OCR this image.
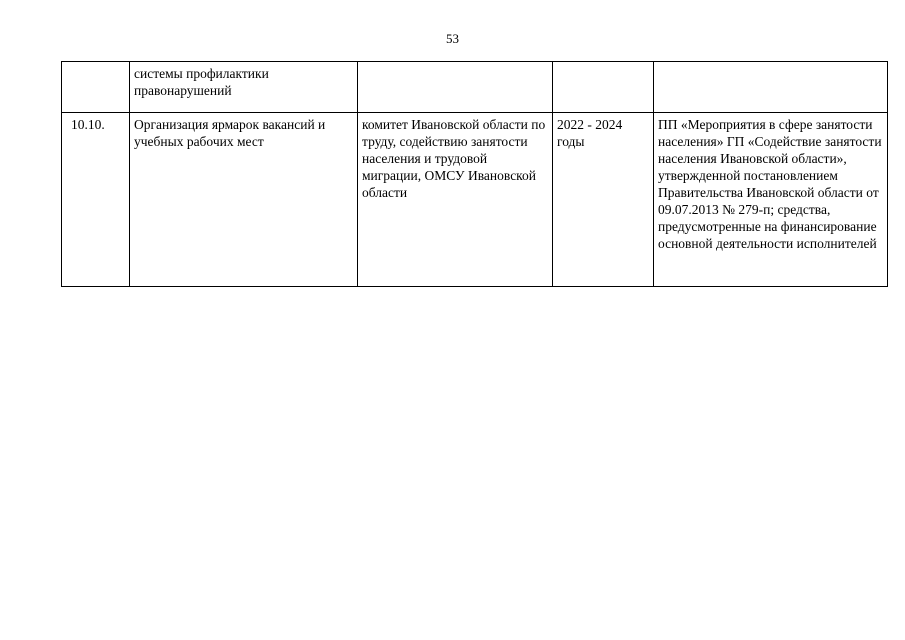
53
	системы профилактики правонарушений			

10.10.	Организация ярмарок вакансий и учебных рабочих мест	комитет Ивановской области по труду, содействию занятости населения и трудовой миграции, ОМСУ Ивановской области	2022 - 2024 годы	ПП «Мероприятия в сфере занятости населения» ГП «Содействие занятости населения Ивановской области», утвержденной постановлением Правительства Ивановской области от 09.07.2013 № 279-п; средства, предусмотренные на финансирование основной деятельности исполнителей
